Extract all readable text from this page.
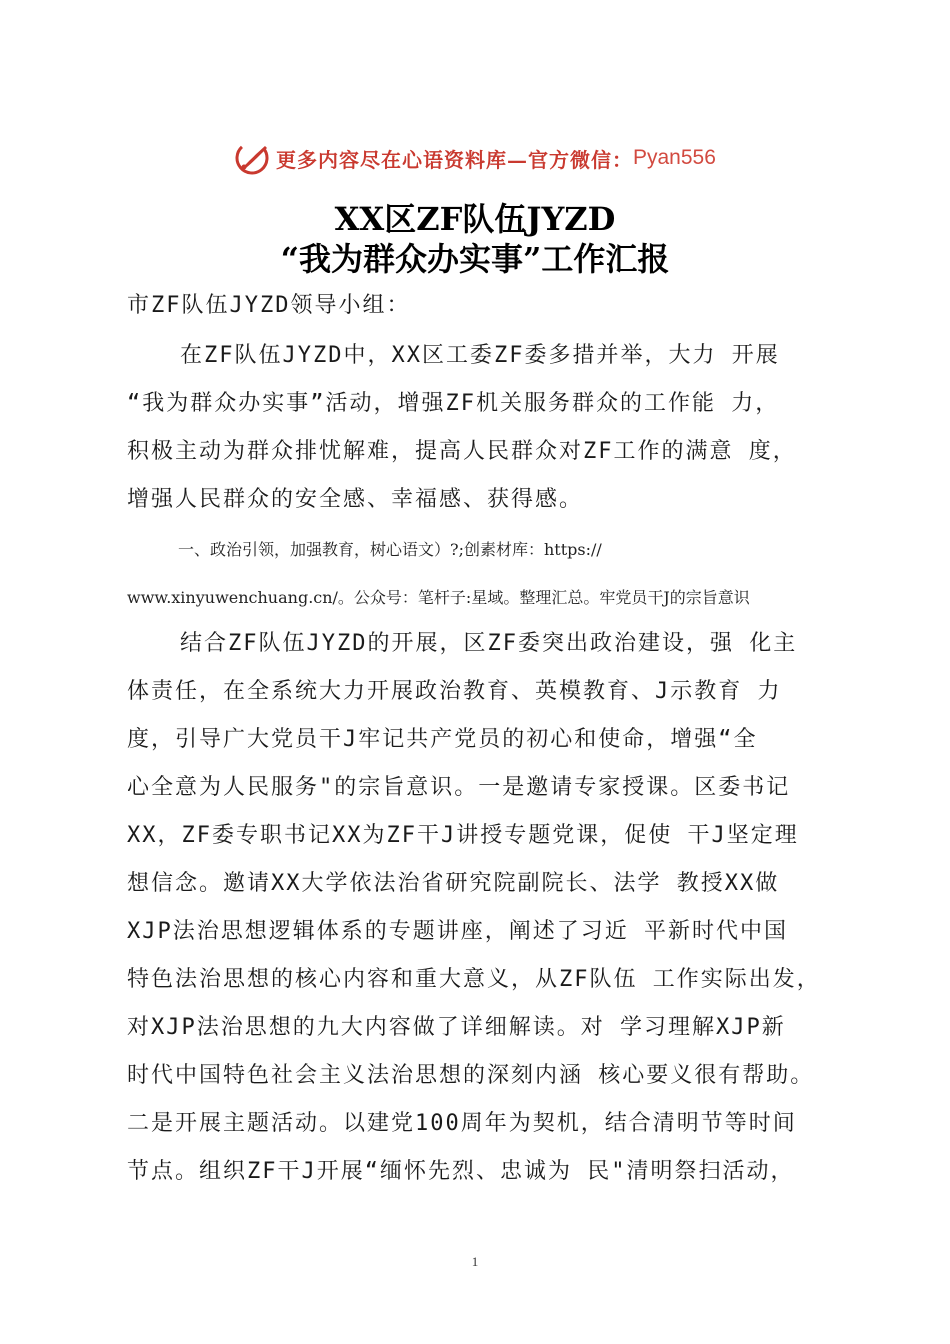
更多内容尽在心语资料库—官方微信： Pyan556
XX区ZF队伍JYZD
“我为群众办实事”工作汇报

市ZF队伍JYZD领导小组：

在ZF队伍JYZD中，XX区工委ZF委多措并举，大力 开展

“我为群众办实事”活动，增强ZF机关服务群众的工作能 力，

积极主动为群众排忧解难，提高人民群众对ZF工作的满意 度，

增强人民群众的安全感、幸福感、获得感。

一、政治引领，加强教育，树心语文）?;创素材库：https://

www.xinyuwenchuang.cn/。公众号：笔杆子:星域。整理汇总。牢党员干J的宗旨意识

结合ZF队伍JYZD的开展，区ZF委突出政治建设，强 化主

体责任，在全系统大力开展政治教育、英模教育、J示教育 力

度，引导广大党员干J牢记共产党员的初心和使命，增强“全

心全意为人民服务"的宗旨意识。一是邀请专家授课。区委书记

XX，ZF委专职书记XX为ZF干J讲授专题党课，促使 干J坚定理

想信念。邀请XX大学依法治省研究院副院长、法学 教授XX做

XJP法治思想逻辑体系的专题讲座，阐述了习近 平新时代中国

特色法治思想的核心内容和重大意义，从ZF队伍 工作实际出发，

对XJP法治思想的九大内容做了详细解读。对 学习理解XJP新

时代中国特色社会主义法治思想的深刻内涵 核心要义很有帮助。

二是开展主题活动。以建党100周年为契机，结合清明节等时间

节点。组织ZF干J开展“缅怀先烈、忠诚为 民"清明祭扫活动，

1
